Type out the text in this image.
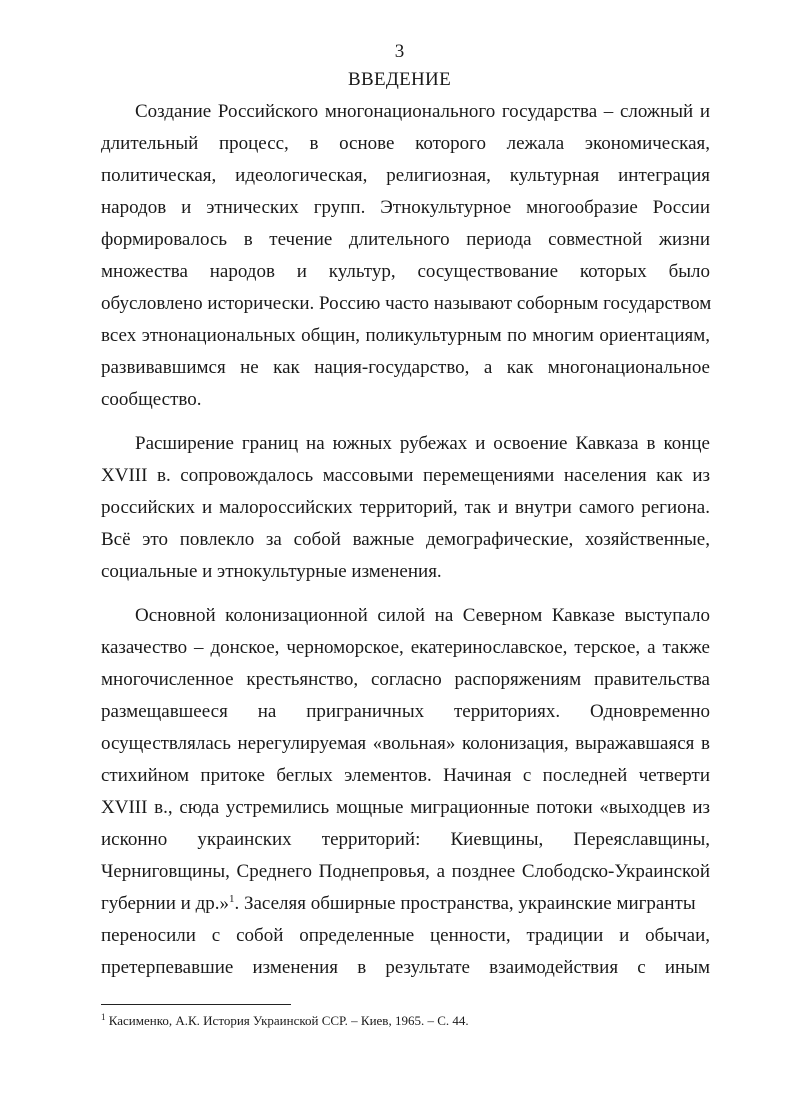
3
ВВЕДЕНИЕ
Создание Российского многонационального государства – сложный и
длительный процесс, в основе которого лежала экономическая,
политическая, идеологическая, религиозная, культурная интеграция
народов и этнических групп. Этнокультурное многообразие России
формировалось в течение длительного периода совместной жизни
множества народов и культур, сосуществование которых было
обусловлено исторически. Россию часто называют соборным государством
всех этнонациональных общин, поликультурным по многим ориентациям,
развивавшимся не как нация-государство, а как многонациональное
сообщество.
Расширение границ на южных рубежах и освоение Кавказа в конце
XVIII в. сопровождалось массовыми перемещениями населения как из
российских и малороссийских территорий, так и внутри самого региона.
Всё это повлекло за собой важные демографические, хозяйственные,
социальные и этнокультурные изменения.
Основной колонизационной силой на Северном Кавказе выступало
казачество – донское, черноморское, екатеринославское, терское, а также
многочисленное крестьянство, согласно распоряжениям правительства
размещавшееся на приграничных территориях. Одновременно
осуществлялась нерегулируемая «вольная» колонизация, выражавшаяся в
стихийном притоке беглых элементов. Начиная с последней четверти
XVIII в., сюда устремились мощные миграционные потоки «выходцев из
исконно украинских территорий: Киевщины, Переяславщины,
Черниговщины, Среднего Поднепровья, а позднее Слободско-Украинской
губернии и др.»$^1$. Заселяя обширные пространства, украинские мигранты
переносили с собой определенные ценности, традиции и обычаи,
претерпевавшие изменения в результате взаимодействия с иным
$^1$ Касименко, А.К. История Украинской ССР. – Киев, 1965. – С. 44.
